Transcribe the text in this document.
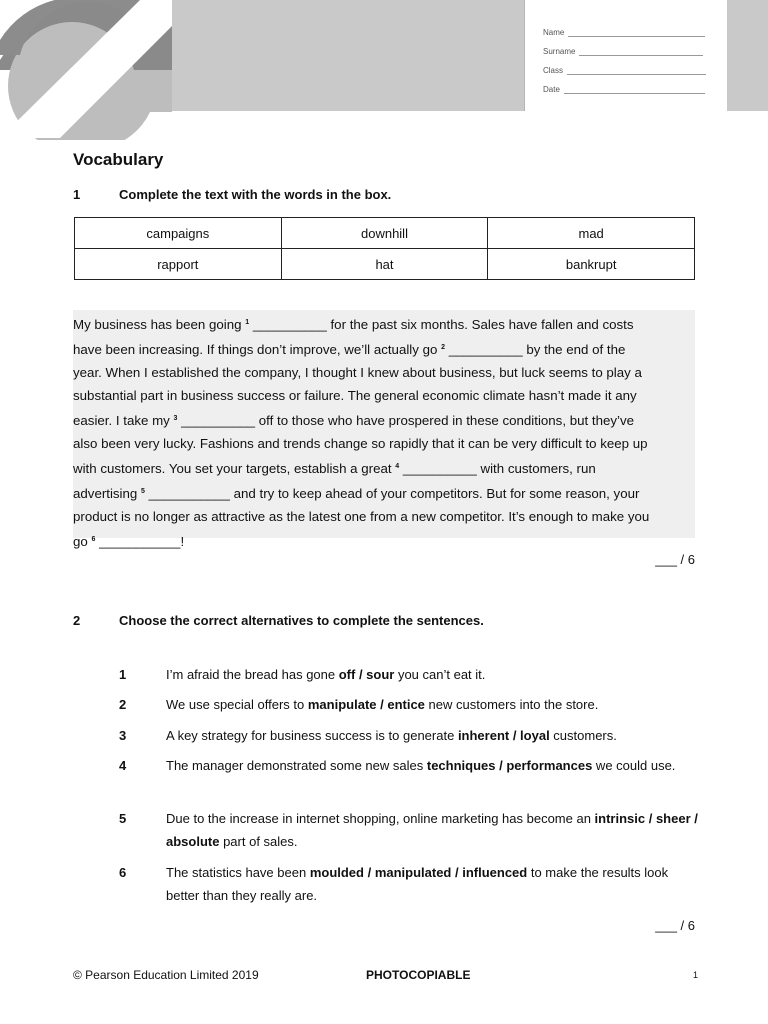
Name
Surname
Class
Date
Vocabulary
1	Complete the text with the words in the box.
campaigns	downhill	mad
rapport	hat	bankrupt
My business has been going $^1$ __________ for the past six months. Sales have fallen and costs
have been increasing. If things don’t improve, we’ll actually go $^2$ __________ by the end of the
year. When I established the company, I thought I knew about business, but luck seems to play a
substantial part in business success or failure. The general economic climate hasn’t made it any
easier. I take my $^3$ __________ off to those who have prospered in these conditions, but they’ve
also been very lucky. Fashions and trends change so rapidly that it can be very difficult to keep up
with customers. You set your targets, establish a great $^4$ __________ with customers, run
advertising $^5$ ___________ and try to keep ahead of your competitors. But for some reason, your
product is no longer as attractive as the latest one from a new competitor. It’s enough to make you
go $^6$ ___________!
___ / 6
2	Choose the correct alternatives to complete the sentences.
1	I’m afraid the bread has gone off / sour you can’t eat it.
2	We use special offers to manipulate / entice new customers into the store.
3	A key strategy for business success is to generate inherent / loyal customers.
4	The manager demonstrated some new sales techniques / performances we could use.
5	Due to the increase in internet shopping, online marketing has become an intrinsic / sheer / absolute part of sales.
6	The statistics have been moulded / manipulated / influenced to make the results look better than they really are.
___ / 6
© Pearson Education Limited 2019	PHOTOCOPIABLE	1
